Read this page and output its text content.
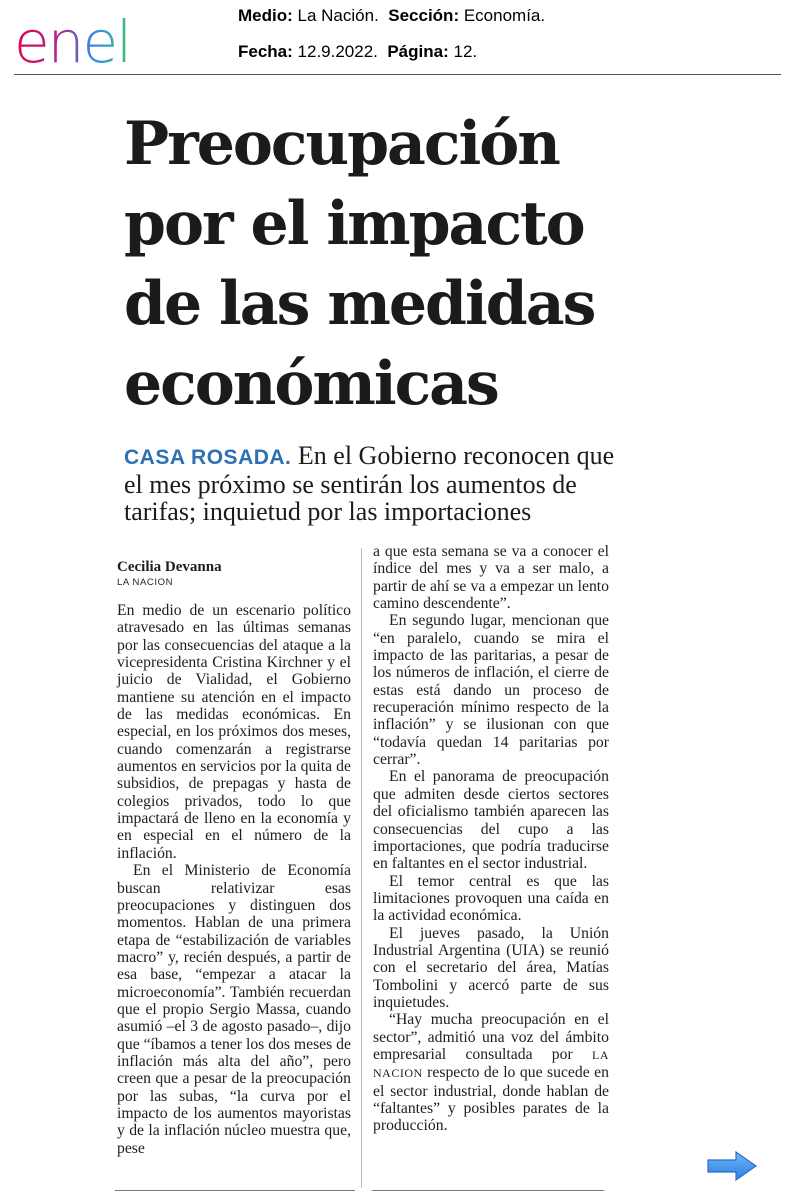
enel	Medio: La Nación. Sección: Economía.
Fecha: 12.9.2022. Página: 12.
Preocupación
por el impacto
de las medidas
económicas
CASA ROSADA. En el Gobierno reconocen que el mes próximo se sentirán los aumentos de tarifas; inquietud por las importaciones

Cecilia Devanna

LA NACION

En medio de un escenario político atravesado en las últimas semanas por las consecuencias del ataque a la vicepresidenta Cristina Kirchner y el juicio de Vialidad, el Gobierno mantiene su atención en el impacto de las medidas económicas. En especial, en los próximos dos meses, cuando comenzarán a registrarse aumentos en servicios por la quita de subsidios, de prepagas y hasta de colegios privados, todo lo que impactará de lleno en la economía y en especial en el número de la inflación.

En el Ministerio de Economía buscan relativizar esas preocupaciones y distinguen dos momentos. Hablan de una primera etapa de “estabilización de variables macro” y, recién después, a partir de esa base, “empezar a atacar la microeconomía”. También recuerdan que el propio Sergio Massa, cuando asumió –el 3 de agosto pasado–, dijo que “íbamos a tener los dos meses de inflación más alta del año”, pero creen que a pesar de la preocupación por las subas, “la curva por el impacto de los aumentos mayoristas y de la inflación núcleo muestra que, pese

a que esta semana se va a conocer el índice del mes y va a ser malo, a partir de ahí se va a empezar un lento camino descendente”.

En segundo lugar, mencionan que “en paralelo, cuando se mira el impacto de las paritarias, a pesar de los números de inflación, el cierre de estas está dando un proceso de recuperación mínimo respecto de la inflación” y se ilusionan con que “todavía quedan 14 paritarias por cerrar”.

En el panorama de preocupación que admiten desde ciertos sectores del oficialismo también aparecen las consecuencias del cupo a las importaciones, que podría traducirse en faltantes en el sector industrial.

El temor central es que las limitaciones provoquen una caída en la actividad económica.

El jueves pasado, la Unión Industrial Argentina (UIA) se reunió con el secretario del área, Matías Tombolini y acercó parte de sus inquietudes.

“Hay mucha preocupación en el sector”, admitió una voz del ámbito empresarial consultada por LA NACION respecto de lo que sucede en el sector industrial, donde hablan de “faltantes” y posibles parates de la producción.
